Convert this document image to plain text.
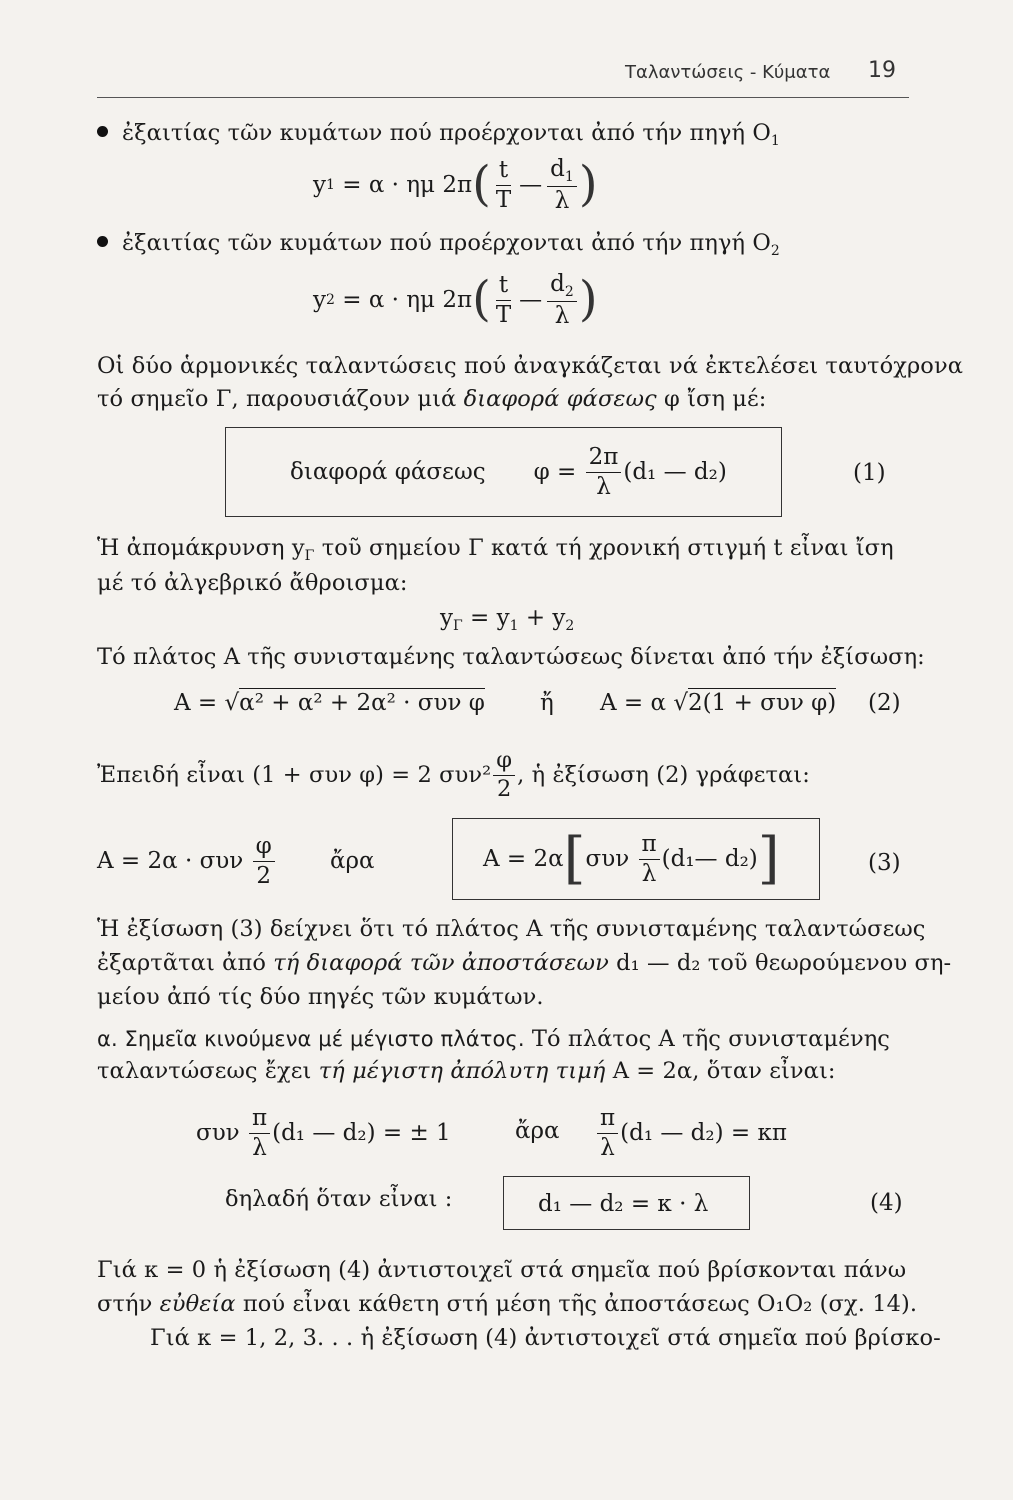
Ταλαντώσεις - Κύματα 19
ἐξαιτίας τῶν κυμάτων πού προέρχονται ἀπό τήν πηγή $O_1$
y 1
= α · ημ 2π ( $\frac{t}{T}$ — $\frac{d_1}{\lambda}$ )
ἐξαιτίας τῶν κυμάτων πού προέρχονται ἀπό τήν πηγή $O_2$
y 2
= α · ημ 2π ( $\frac{t}{T}$ — $\frac{d_2}{\lambda}$ )
Οἱ δύο ἁρμονικές ταλαντώσεις πού ἀναγκάζεται νά ἐκτελέσει ταυτόχρονα
τό σημεῖο Γ, παρουσιάζουν μιά διαφορά φάσεως φ ἴση μέ:
διαφορά φάσεως φ =
$\frac{2\pi}{\lambda} (d_1$ — d₂)	(1)
Ἡ ἀπομάκρυνση $y_\Gamma$ τοῦ σημείου Γ κατά τή χρονική στιγμή t εἶναι ἴση
μέ τό ἀλγεβρικό ἄθροισμα:
$y_\Gamma = y_1 + y_2$
Τό πλάτος A τῆς συνισταμένης ταλαντώσεως δίνεται ἀπό τήν ἐξίσωση:
A = √α² + α² + 2α² · συν φ ἤ A = α √2(1 + συν φ) (2)
Ἐπειδή εἶναι (1 + συν φ) = 2 $\sigma\upsilon\nu^2 \frac{\varphi}{2}$ , ἡ ἐξίσωση (2) γράφεται:
A = 2α · συν
$\frac{\varphi}{2}$ ἄρα	A = 2α [ συν
$\frac{\pi}{\lambda}$ (d₁— d₂) ]	(3)
Ἡ ἐξίσωση (3) δείχνει ὅτι τό πλάτος A τῆς συνισταμένης ταλαντώσεως
ἐξαρτᾶται ἀπό τή διαφορά τῶν ἀποστάσεων d₁ — d₂ τοῦ θεωρούμενου ση-
μείου ἀπό τίς δύο πηγές τῶν κυμάτων.
α. Σημεῖα κινούμενα μέ μέγιστο πλάτος. Τό πλάτος A τῆς συνισταμένης
ταλαντώσεως ἔχει τή μέγιστη ἀπόλυτη τιμή A = 2α, ὅταν εἶναι:
συν
$\frac{\pi}{\lambda} (d_1$ — d₂) = ± 1	ἄρα $\frac{\pi}{\lambda} (d_1$ — d₂) = κπ
δηλαδή ὅταν εἶναι :	d₁ — d₂ = κ · λ	(4)
Γιά κ = 0 ἡ ἐξίσωση (4) ἀντιστοιχεῖ στά σημεῖα πού βρίσκονται πάνω
στήν εὐθεία πού εἶναι κάθετη στή μέση τῆς ἀποστάσεως O₁O₂ (σχ. 14).
Γιά κ = 1, 2, 3. . . ἡ ἐξίσωση (4) ἀντιστοιχεῖ στά σημεῖα πού βρίσκο-
